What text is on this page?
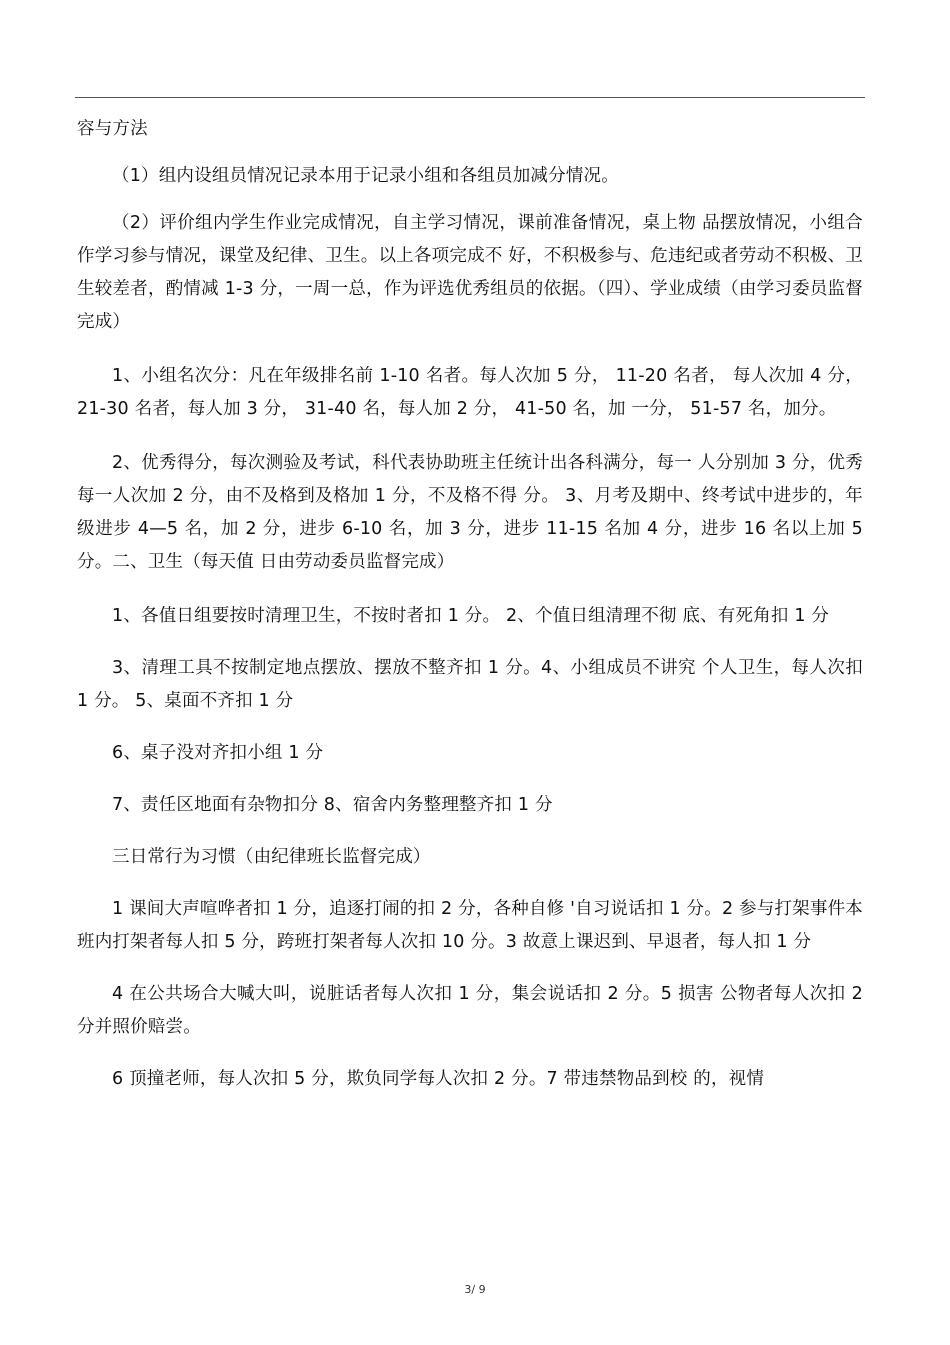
容与方法

（1）组内设组员情况记录本用于记录小组和各组员加减分情况。

（2）评价组内学生作业完成情况，自主学习情况，课前准备情况，桌上物 品摆放情况，小组合作学习参与情况，课堂及纪律、卫生。以上各项完成不 好，不积极参与、危违纪或者劳动不积极、卫生较差者，酌情减 1-3 分，一周一总，作为评选优秀组员的依据。（四）、学业成绩（由学习委员监督完成）

1、小组名次分：凡在年级排名前 1-10 名者。每人次加 5 分， 11-20 名者， 每人次加 4 分， 21-30 名者，每人加 3 分， 31-40 名，每人加 2 分， 41-50 名，加 一分， 51-57 名，加分。

2、优秀得分，每次测验及考试，科代表协助班主任统计出各科满分，每一 人分别加 3 分，优秀每一人次加 2 分，由不及格到及格加 1 分，不及格不得 分。 3、月考及期中、终考试中进步的，年级进步 4—5 名，加 2 分，进步 6-10 名，加 3 分，进步 11-15 名加 4 分，进步 16 名以上加 5 分。二、卫生（每天值 日由劳动委员监督完成）

1、各值日组要按时清理卫生，不按时者扣 1 分。 2、个值日组清理不彻 底、有死角扣 1 分

3、清理工具不按制定地点摆放、摆放不整齐扣 1 分。4、小组成员不讲究 个人卫生，每人次扣 1 分。 5、桌面不齐扣 1 分

6、桌子没对齐扣小组 1 分

7、责任区地面有杂物扣分 8、宿舍内务整理整齐扣 1 分

三日常行为习惯（由纪律班长监督完成）

1 课间大声喧哗者扣 1 分，追逐打闹的扣 2 分，各种自修 '自习说话扣 1 分。2 参与打架事件本班内打架者每人扣 5 分，跨班打架者每人次扣 10 分。3 故意上课迟到、早退者，每人扣 1 分

4 在公共场合大喊大叫，说脏话者每人次扣 1 分，集会说话扣 2 分。5 损害 公物者每人次扣 2 分并照价赔尝。

6 顶撞老师，每人次扣 5 分，欺负同学每人次扣 2 分。7 带违禁物品到校 的，视情

3/ 9
